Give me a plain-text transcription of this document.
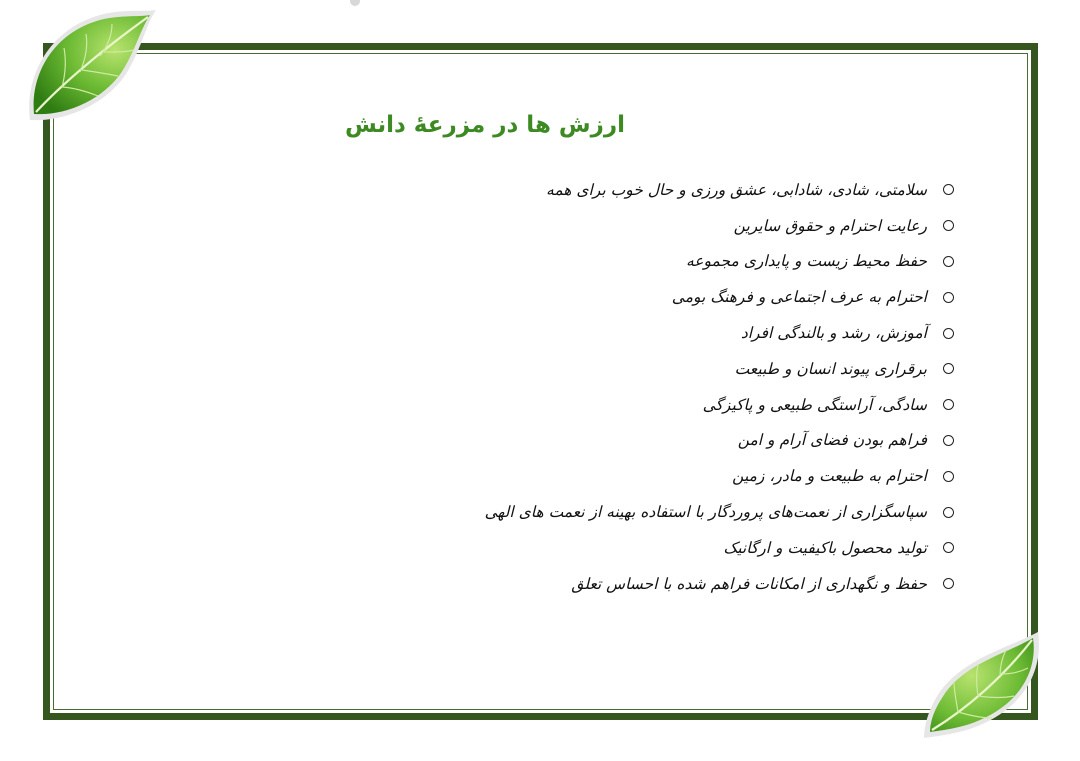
ارزش ها در مزرعهٔ دانش
سلامتی، شادی، شادابی، عشق ورزی و حال خوب برای همه
رعایت احترام و حقوق سایرین
حفظ محیط زیست و پایداری مجموعه
احترام به عرف اجتماعی و فرهنگ بومی
آموزش، رشد و بالندگی افراد
برقراری پیوند انسان و طبیعت
سادگی، آراستگی طبیعی و پاکیزگی
فراهم بودن فضای آرام و امن
احترام به طبیعت و مادر، زمین
سپاسگزاری از نعمت‌های پروردگار با استفاده بهینه از نعمت های الهی
تولید محصول باکیفیت و ارگانیک
حفظ و نگهداری از امکانات فراهم شده با احساس تعلق
